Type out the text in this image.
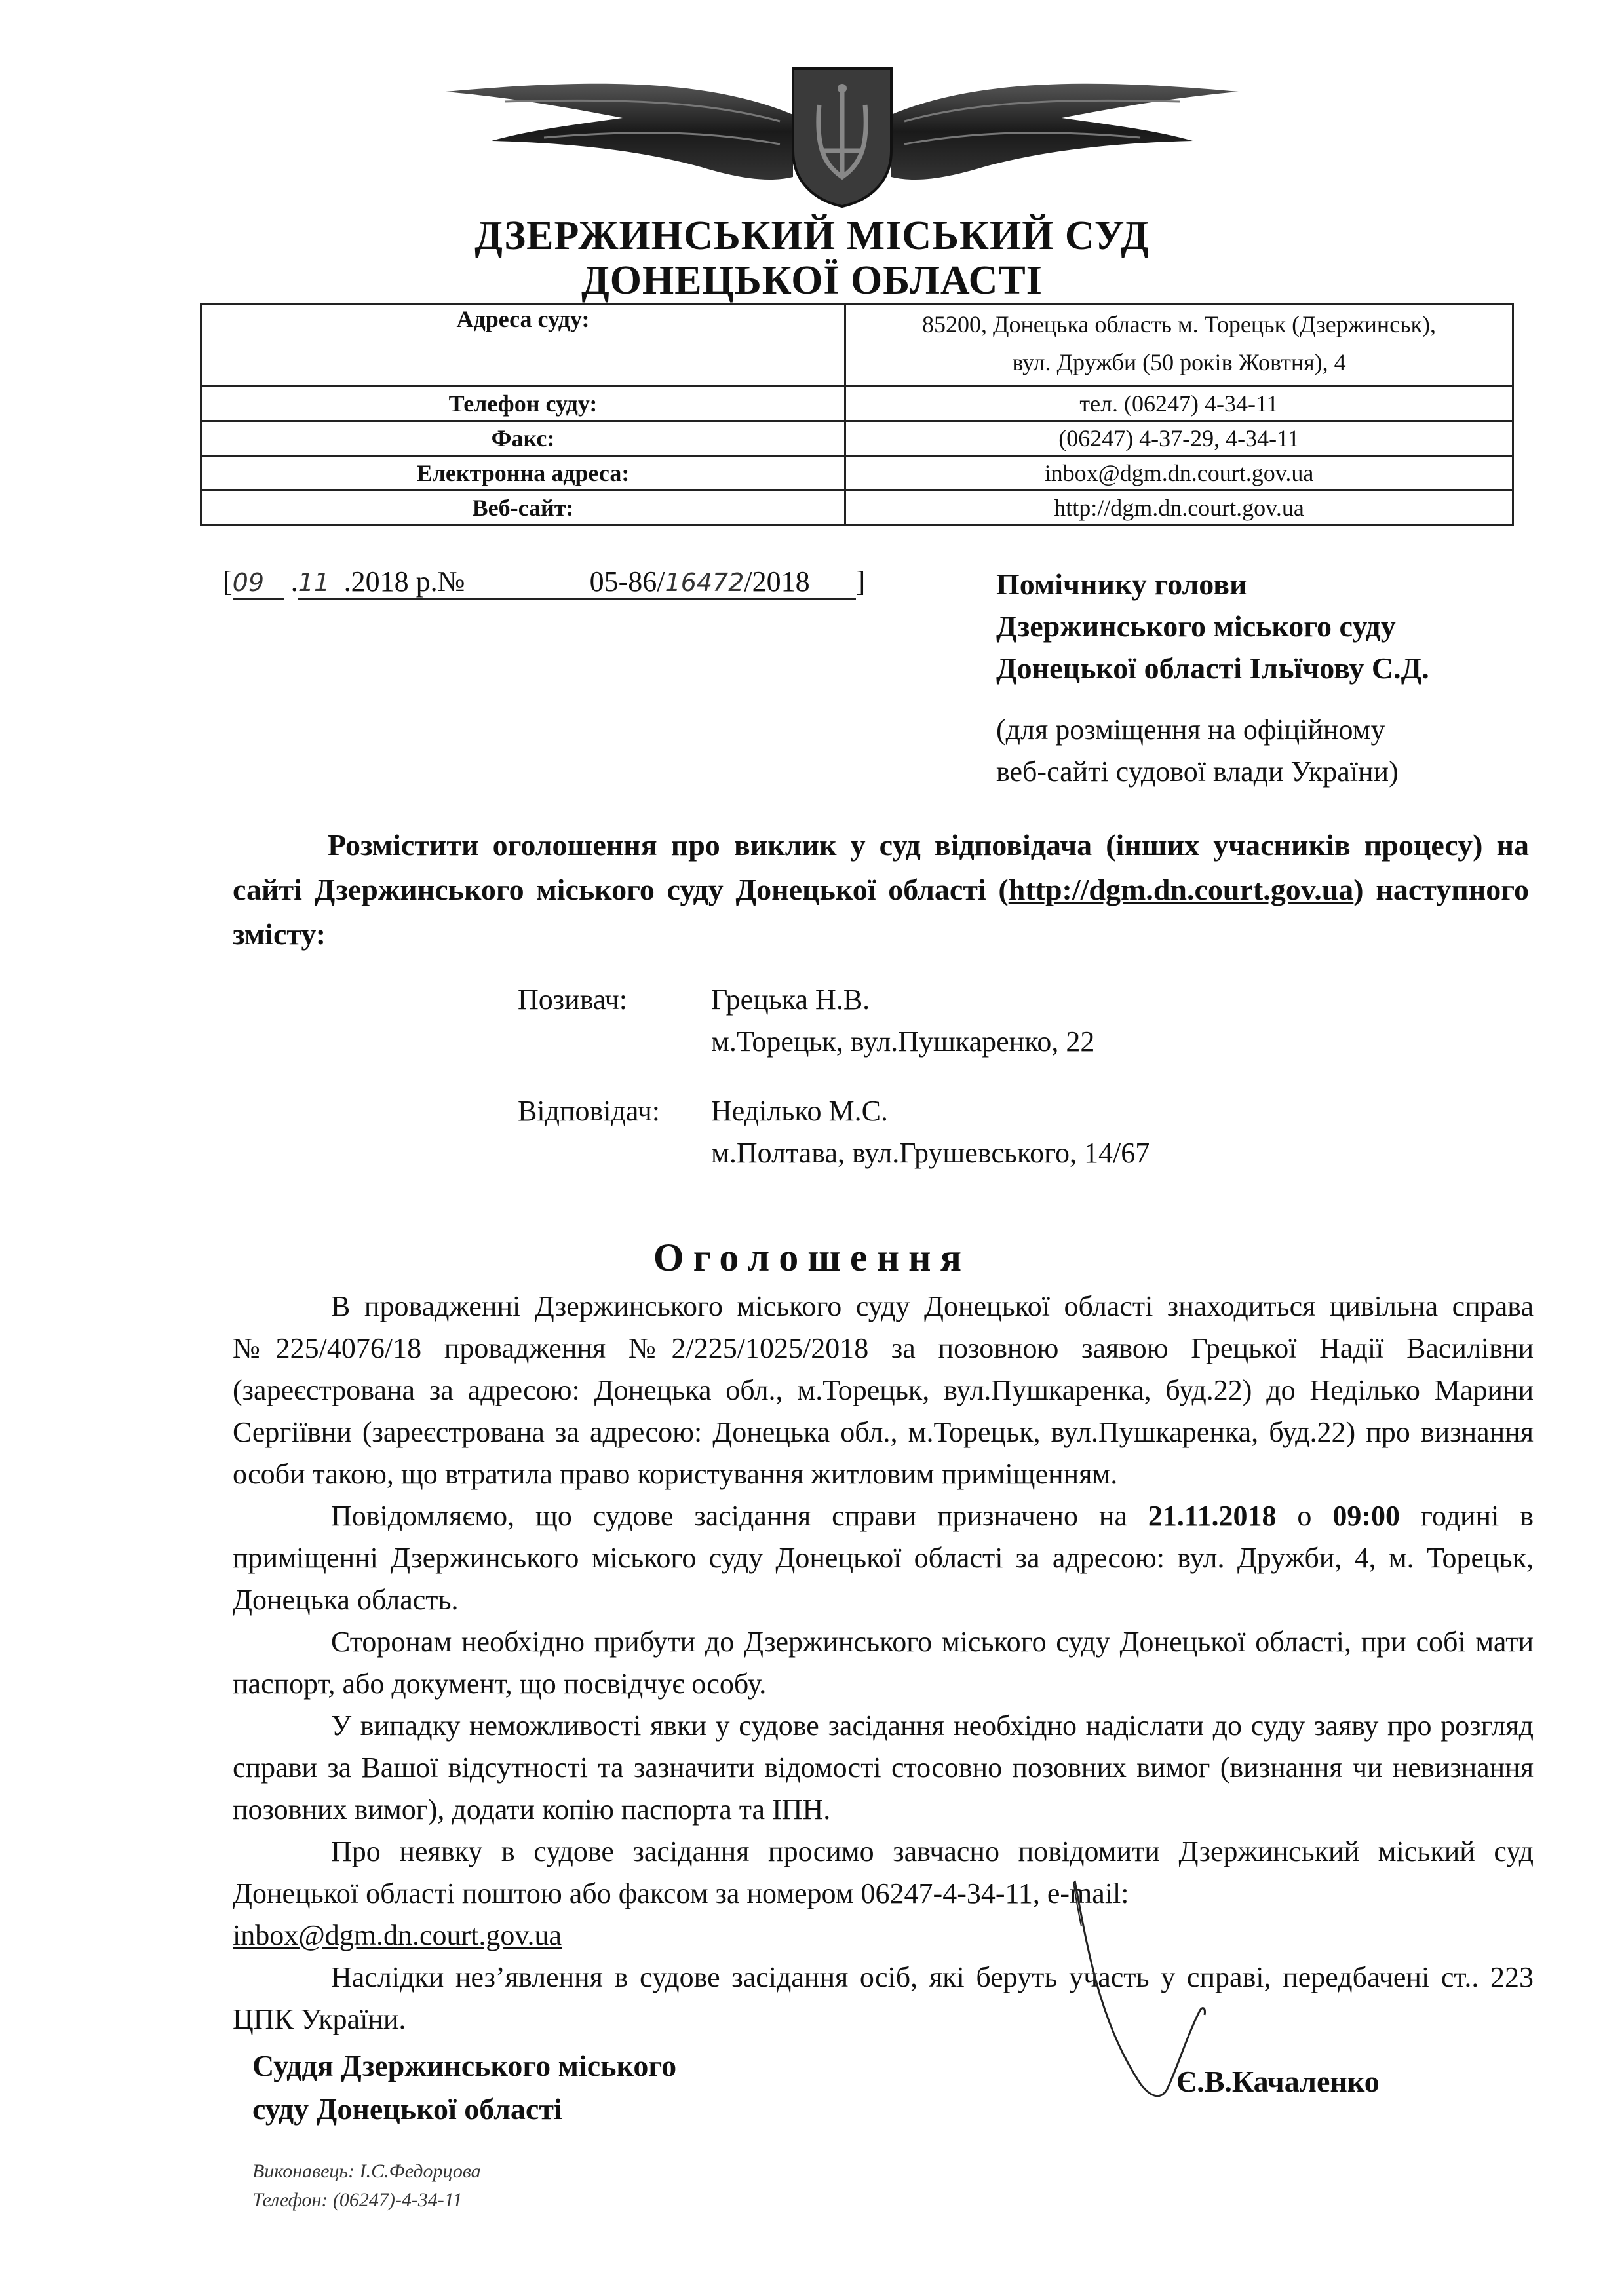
ДЗЕРЖИНСЬКИЙ МІСЬКИЙ СУД
ДОНЕЦЬКОЇ ОБЛАСТІ
Адреса суду:	85200, Донецька область м. Торецьк (Дзержинськ),
вул. Дружби (50 років Жовтня), 4

Телефон суду:	тел. (06247) 4-34-11
Факс:	(06247) 4-37-29, 4-34-11
Електронна адреса:	inbox@dgm.dn.court.gov.ua
Веб-сайт:	http://dgm.dn.court.gov.ua
[09 .11 .2018 р.№	05-86/16472/2018 ]	Помічнику голови
Дзержинського міського суду
Донецької області Ільїчову С.Д.
(для розміщення на офіційному
веб-сайті судової влади України)
Розмістити оголошення про виклик у суд відповідача (інших учасників процесу) на сайті Дзержинського міського суду Донецької області (http://dgm.dn.court.gov.ua) наступного змісту:
Позивач:	Грецька Н.В.
м.Торецьк, вул.Пушкаренко, 22
Відповідач: Неділько М.С.
м.Полтава, вул.Грушевського, 14/67
Оголошення

В провадженні Дзержинського міського суду Донецької області знаходиться цивільна справа №225/4076/18 провадження №2/225/1025/2018 за позовною заявою Грецької Надії Василівни (зареєстрована за адресою: Донецька обл., м.Торецьк, вул.Пушкаренка, буд.22) до Неділько Марини Сергіївни (зареєстрована за адресою: Донецька обл., м.Торецьк, вул.Пушкаренка, буд.22) про визнання особи такою, що втратила право користування житловим приміщенням.

Повідомляємо, що судове засідання справи призначено на 21.11.2018 о 09:00 годині в приміщенні Дзержинського міського суду Донецької області за адресою: вул. Дружби, 4, м. Торецьк, Донецька область.

Сторонам необхідно прибути до Дзержинського міського суду Донецької області, при собі мати паспорт, або документ, що посвідчує особу.

У випадку неможливості явки у судове засідання необхідно надіслати до суду заяву про розгляд справи за Вашої відсутності та зазначити відомості стосовно позовних вимог (визнання чи невизнання позовних вимог), додати копію паспорта та ІПН.

Про неявку в судове засідання просимо завчасно повідомити Дзержинський міський суд Донецької області поштою або факсом за номером 06247-4-34-11, e-mail:
inbox@dgm.dn.court.gov.ua

Наслідки нез’явлення в судове засідання осіб, які беруть участь у справі, передбачені ст.. 223 ЦПК України.

Суддя Дзержинського міського
суду Донецької області
Є.В.Качаленко
Виконавець: І.С.Федорцова
Телефон: (06247)-4-34-11
